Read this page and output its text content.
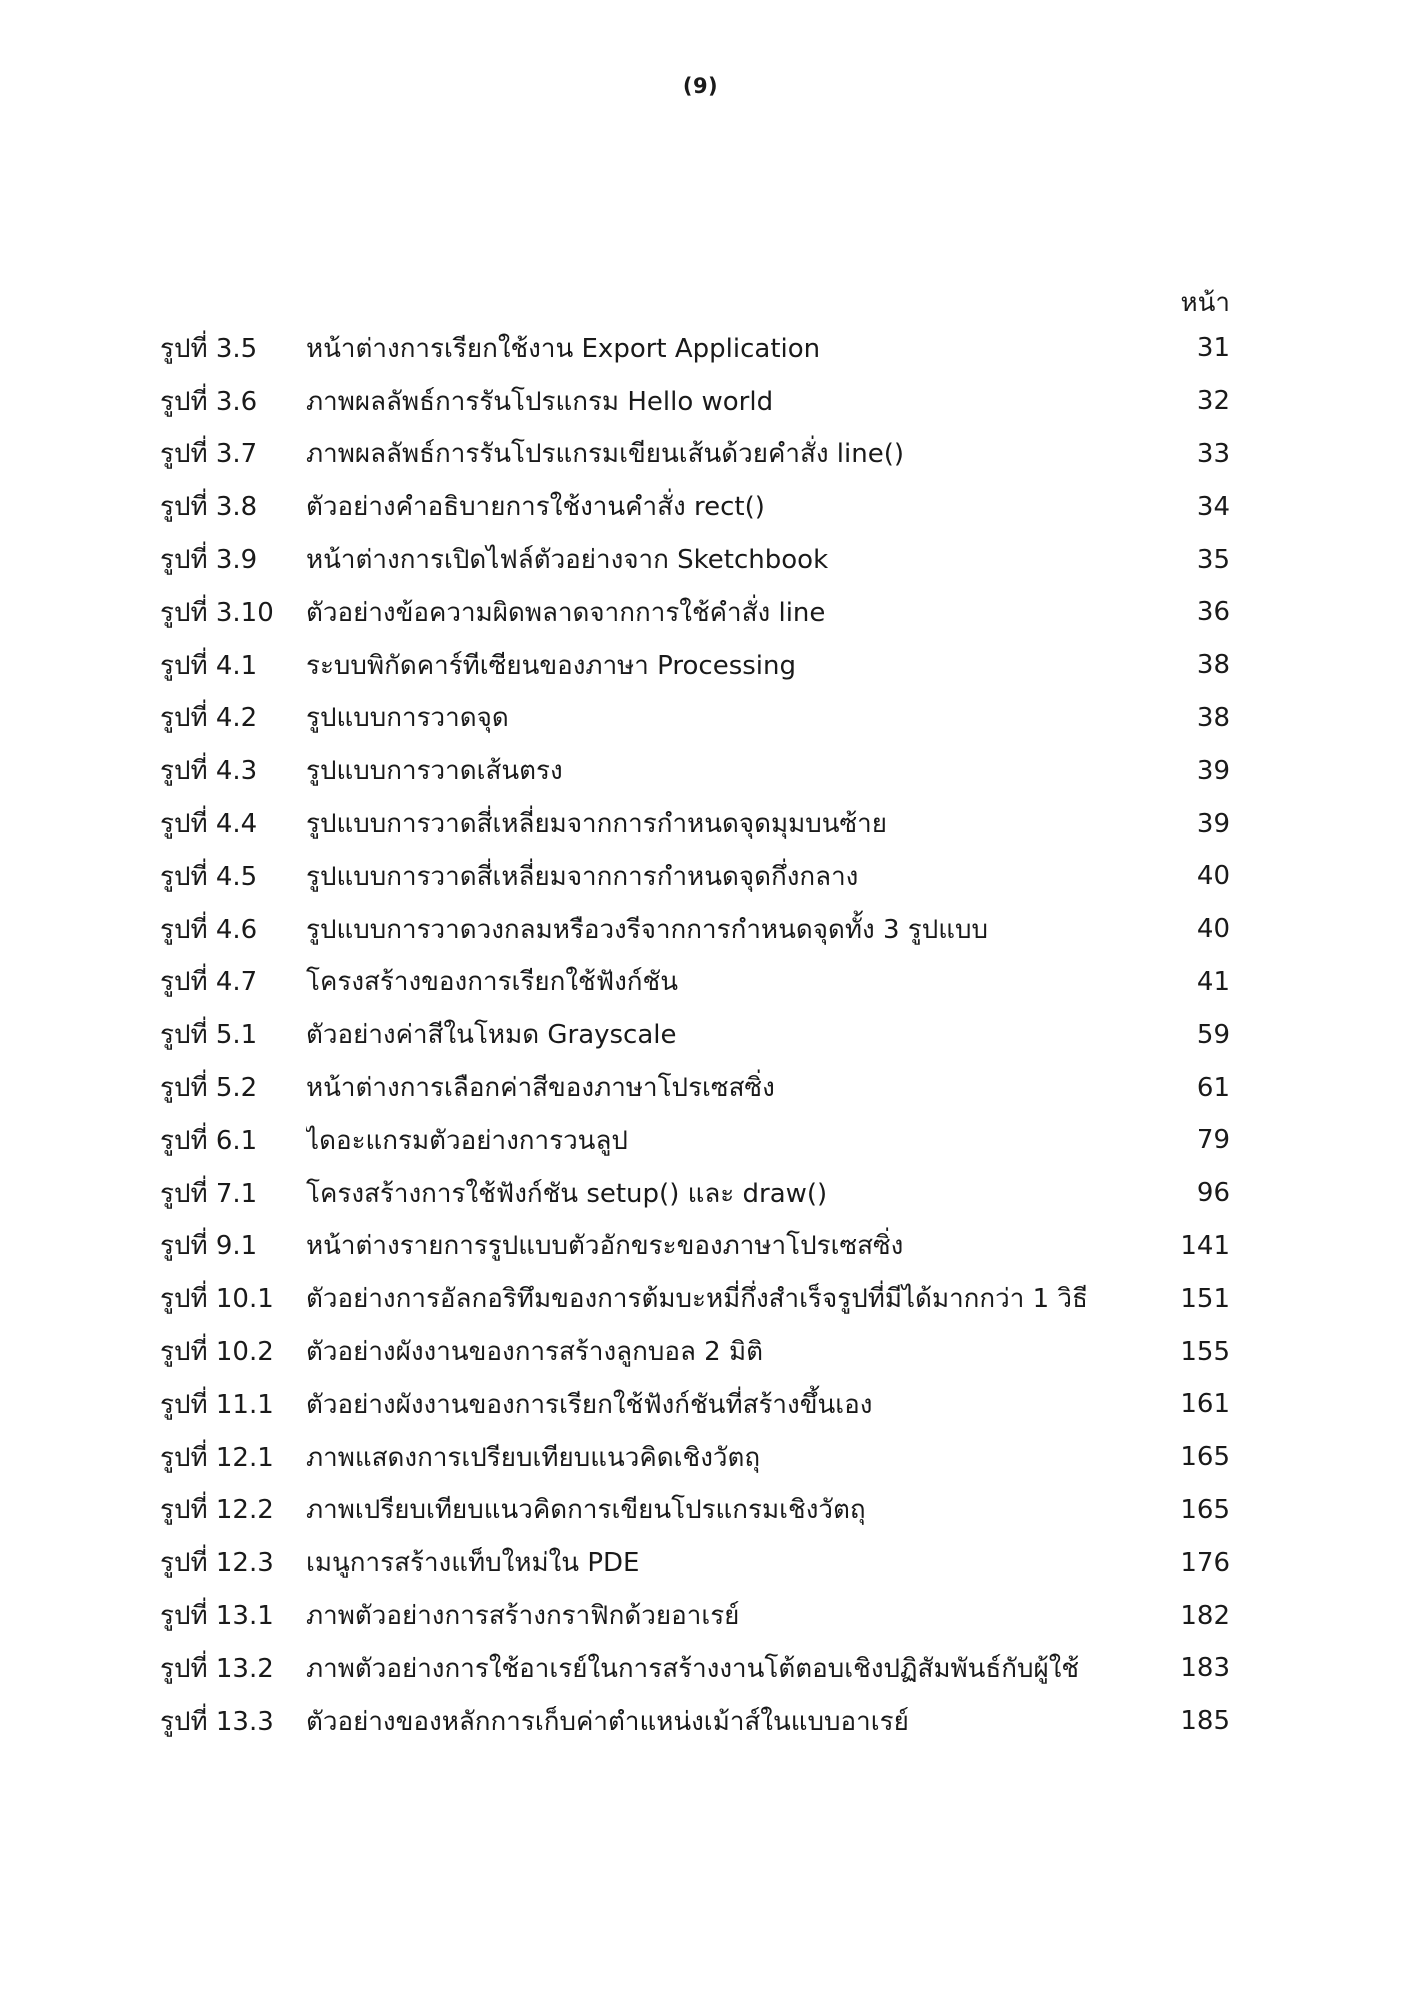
(9)
หน้า
รูปที่ 3.5	หน้าต่างการเรียกใช้งาน Export Application	31
รูปที่ 3.6	ภาพผลลัพธ์การรันโปรแกรม Hello world	32
รูปที่ 3.7	ภาพผลลัพธ์การรันโปรแกรมเขียนเส้นด้วยคำสั่ง line()	33
รูปที่ 3.8	ตัวอย่างคำอธิบายการใช้งานคำสั่ง rect()	34
รูปที่ 3.9	หน้าต่างการเปิดไฟล์ตัวอย่างจาก Sketchbook	35
รูปที่ 3.10	ตัวอย่างข้อความผิดพลาดจากการใช้คำสั่ง line	36
รูปที่ 4.1	ระบบพิกัดคาร์ทีเซียนของภาษา Processing	38
รูปที่ 4.2	รูปแบบการวาดจุด	38
รูปที่ 4.3	รูปแบบการวาดเส้นตรง	39
รูปที่ 4.4	รูปแบบการวาดสี่เหลี่ยมจากการกำหนดจุดมุมบนซ้าย	39
รูปที่ 4.5	รูปแบบการวาดสี่เหลี่ยมจากการกำหนดจุดกึ่งกลาง	40
รูปที่ 4.6	รูปแบบการวาดวงกลมหรือวงรีจากการกำหนดจุดทั้ง 3 รูปแบบ	40
รูปที่ 4.7	โครงสร้างของการเรียกใช้ฟังก์ชัน	41
รูปที่ 5.1	ตัวอย่างค่าสีในโหมด Grayscale	59
รูปที่ 5.2	หน้าต่างการเลือกค่าสีของภาษาโปรเซสซิ่ง	61
รูปที่ 6.1	ไดอะแกรมตัวอย่างการวนลูป	79
รูปที่ 7.1	โครงสร้างการใช้ฟังก์ชัน setup() และ draw()	96
รูปที่ 9.1	หน้าต่างรายการรูปแบบตัวอักขระของภาษาโปรเซสซิ่ง	141
รูปที่ 10.1	ตัวอย่างการอัลกอริทึมของการต้มบะหมี่กึ่งสำเร็จรูปที่มีได้มากกว่า 1 วิธี	151
รูปที่ 10.2	ตัวอย่างผังงานของการสร้างลูกบอล 2 มิติ	155
รูปที่ 11.1	ตัวอย่างผังงานของการเรียกใช้ฟังก์ชันที่สร้างขึ้นเอง	161
รูปที่ 12.1	ภาพแสดงการเปรียบเทียบแนวคิดเชิงวัตถุ	165
รูปที่ 12.2	ภาพเปรียบเทียบแนวคิดการเขียนโปรแกรมเชิงวัตถุ	165
รูปที่ 12.3	เมนูการสร้างแท็บใหม่ใน PDE	176
รูปที่ 13.1	ภาพตัวอย่างการสร้างกราฟิกด้วยอาเรย์	182
รูปที่ 13.2	ภาพตัวอย่างการใช้อาเรย์ในการสร้างงานโต้ตอบเชิงปฏิสัมพันธ์กับผู้ใช้	183
รูปที่ 13.3	ตัวอย่างของหลักการเก็บค่าตำแหน่งเม้าส์ในแบบอาเรย์	185
